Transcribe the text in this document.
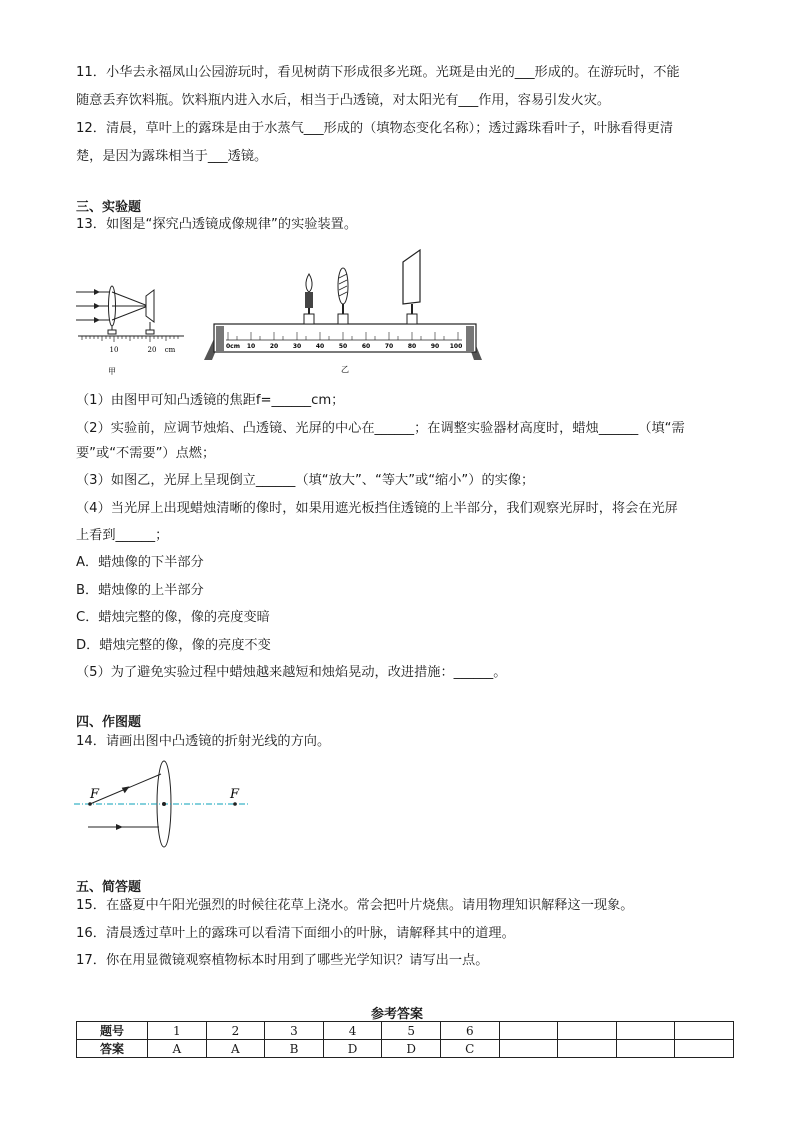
11．小华去永福凤山公园游玩时，看见树荫下形成很多光斑。光斑是由光的___形成的。在游玩时，不能
随意丢弃饮料瓶。饮料瓶内进入水后，相当于凸透镜，对太阳光有___作用，容易引发火灾。
12．清晨，草叶上的露珠是由于水蒸气___形成的（填物态变化名称）；透过露珠看叶子，叶脉看得更清
楚，是因为露珠相当于___透镜。
三、实验题
13．如图是“探究凸透镜成像规律”的实验装置。
10	20 cm
甲
0cm 10 20 30 40 50 60 70 80 90 100
乙
（1）由图甲可知凸透镜的焦距f=______cm；
（2）实验前，应调节烛焰、凸透镜、光屏的中心在______；在调整实验器材高度时，蜡烛______（填“需
要”或“不需要”）点燃；
（3）如图乙，光屏上呈现倒立______（填“放大”、“等大”或“缩小”）的实像；
（4）当光屏上出现蜡烛清晰的像时，如果用遮光板挡住透镜的上半部分，我们观察光屏时，将会在光屏
上看到______；
A．蜡烛像的下半部分
B．蜡烛像的上半部分
C．蜡烛完整的像，像的亮度变暗
D．蜡烛完整的像，像的亮度不变
（5）为了避免实验过程中蜡烛越来越短和烛焰晃动，改进措施：______。
四、作图题
14．请画出图中凸透镜的折射光线的方向。
F	F
五、简答题
15．在盛夏中午阳光强烈的时候往花草上浇水。常会把叶片烧焦。请用物理知识解释这一现象。
16．清晨透过草叶上的露珠可以看清下面细小的叶脉，请解释其中的道理。
17．你在用显微镜观察植物标本时用到了哪些光学知识？请写出一点。
参考答案
题号	1	2	3	4	5	6				
答案	A	A	B	D	D	C				
